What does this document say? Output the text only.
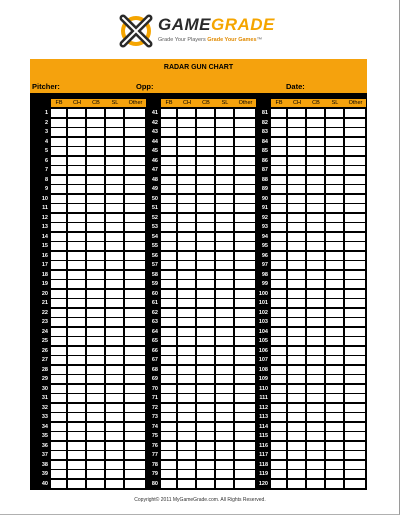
GAMEGRADE
Grade Your Players Grade Your Games™
RADAR GUN CHART
Pitcher:	Opp:	Date:
FB	CH	CB	SL	Other
1
2
3
4
5
6
7
8
9
10
11
12
13
14
15
16
17
18
19
20
21
22
23
24
25
26
27
28
29
30
31
32
33
34
35
36
37
38
39
40
FB	CH	CB	SL	Other
41
42
43
44
45
46
47
48
49
50
51
52
53
54
55
56
57
58
59
60
61
62
63
64
65
66
67
68
69
70
71
72
73
74
75
76
77
78
79
80
FB	CH	CB	SL	Other
81
82
83
84
85
86
87
88
89
90
91
92
93
94
95
96
97
98
99
100
101
102
103
104
105
106
107
108
109
110
111
112
113
114
115
116
117
118
119
120
Copyright© 2011 MyGameGrade.com. All Rights Reserved.
